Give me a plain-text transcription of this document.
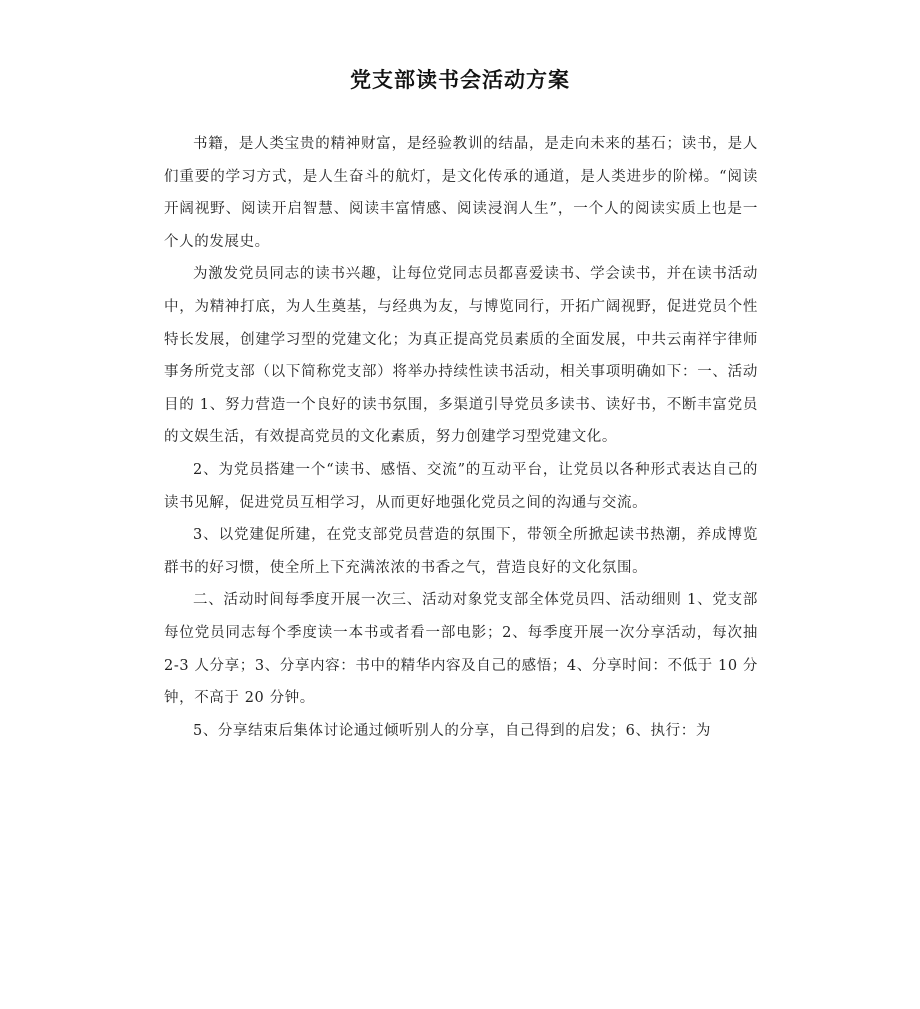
党支部读书会活动方案

书籍，是人类宝贵的精神财富，是经验教训的结晶，是走向未来的基石；读书，是人们重要的学习方式，是人生奋斗的航灯，是文化传承的通道，是人类进步的阶梯。“阅读开阔视野、阅读开启智慧、阅读丰富情感、阅读浸润人生”，一个人的阅读实质上也是一个人的发展史。

为激发党员同志的读书兴趣，让每位党同志员都喜爱读书、学会读书，并在读书活动中，为精神打底，为人生奠基，与经典为友，与博览同行，开拓广阔视野，促进党员个性特长发展，创建学习型的党建文化；为真正提高党员素质的全面发展，中共云南祥宇律师事务所党支部（以下简称党支部）将举办持续性读书活动，相关事项明确如下：一、活动目的 1、努力营造一个良好的读书氛围，多渠道引导党员多读书、读好书，不断丰富党员的文娱生活，有效提高党员的文化素质，努力创建学习型党建文化。

2、为党员搭建一个“读书、感悟、交流”的互动平台，让党员以各种形式表达自己的读书见解，促进党员互相学习，从而更好地强化党员之间的沟通与交流。

3、以党建促所建，在党支部党员营造的氛围下，带领全所掀起读书热潮，养成博览群书的好习惯，使全所上下充满浓浓的书香之气，营造良好的文化氛围。

二、活动时间每季度开展一次三、活动对象党支部全体党员四、活动细则 1、党支部每位党员同志每个季度读一本书或者看一部电影；2、每季度开展一次分享活动，每次抽 2-3 人分享；3、分享内容：书中的精华内容及自己的感悟；4、分享时间：不低于 10 分钟，不高于 20 分钟。

5、分享结束后集体讨论通过倾听别人的分享，自己得到的启发；6、执行：为
